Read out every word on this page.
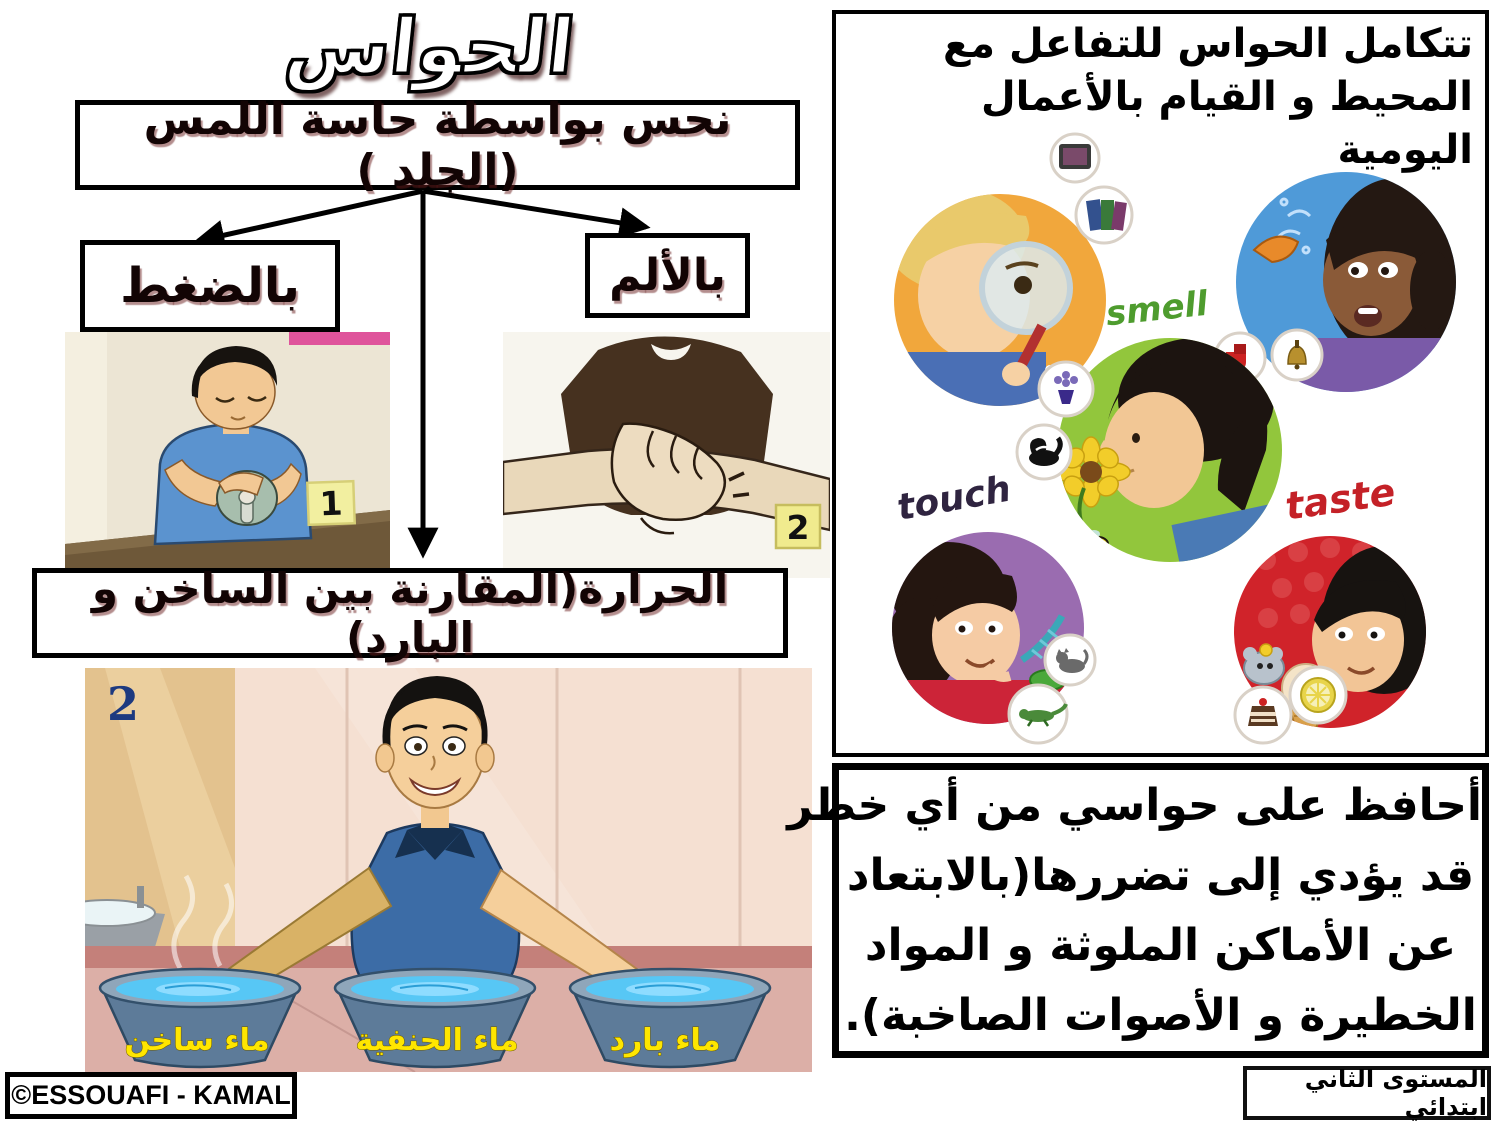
الحواس
نحس بواسطة حاسة اللمس (الجلد )
بالضغط	بالألم
1
2
الحرارة(المقارنة بين الساخن و البارد)
ماء ساخن	ماء الحنفية	ماء بارد
2
تتكامل الحواس للتفاعل مع
المحيط و القيام بالأعمال اليومية
smell
touch	taste
أحافظ على حواسي من أي خطر
قد يؤدي إلى تضررها(بالابتعاد
عن الأماكن الملوثة و المواد
الخطيرة و الأصوات الصاخبة).
©ESSOUAFI - KAMAL
المستوى الثاني ابتدائي
